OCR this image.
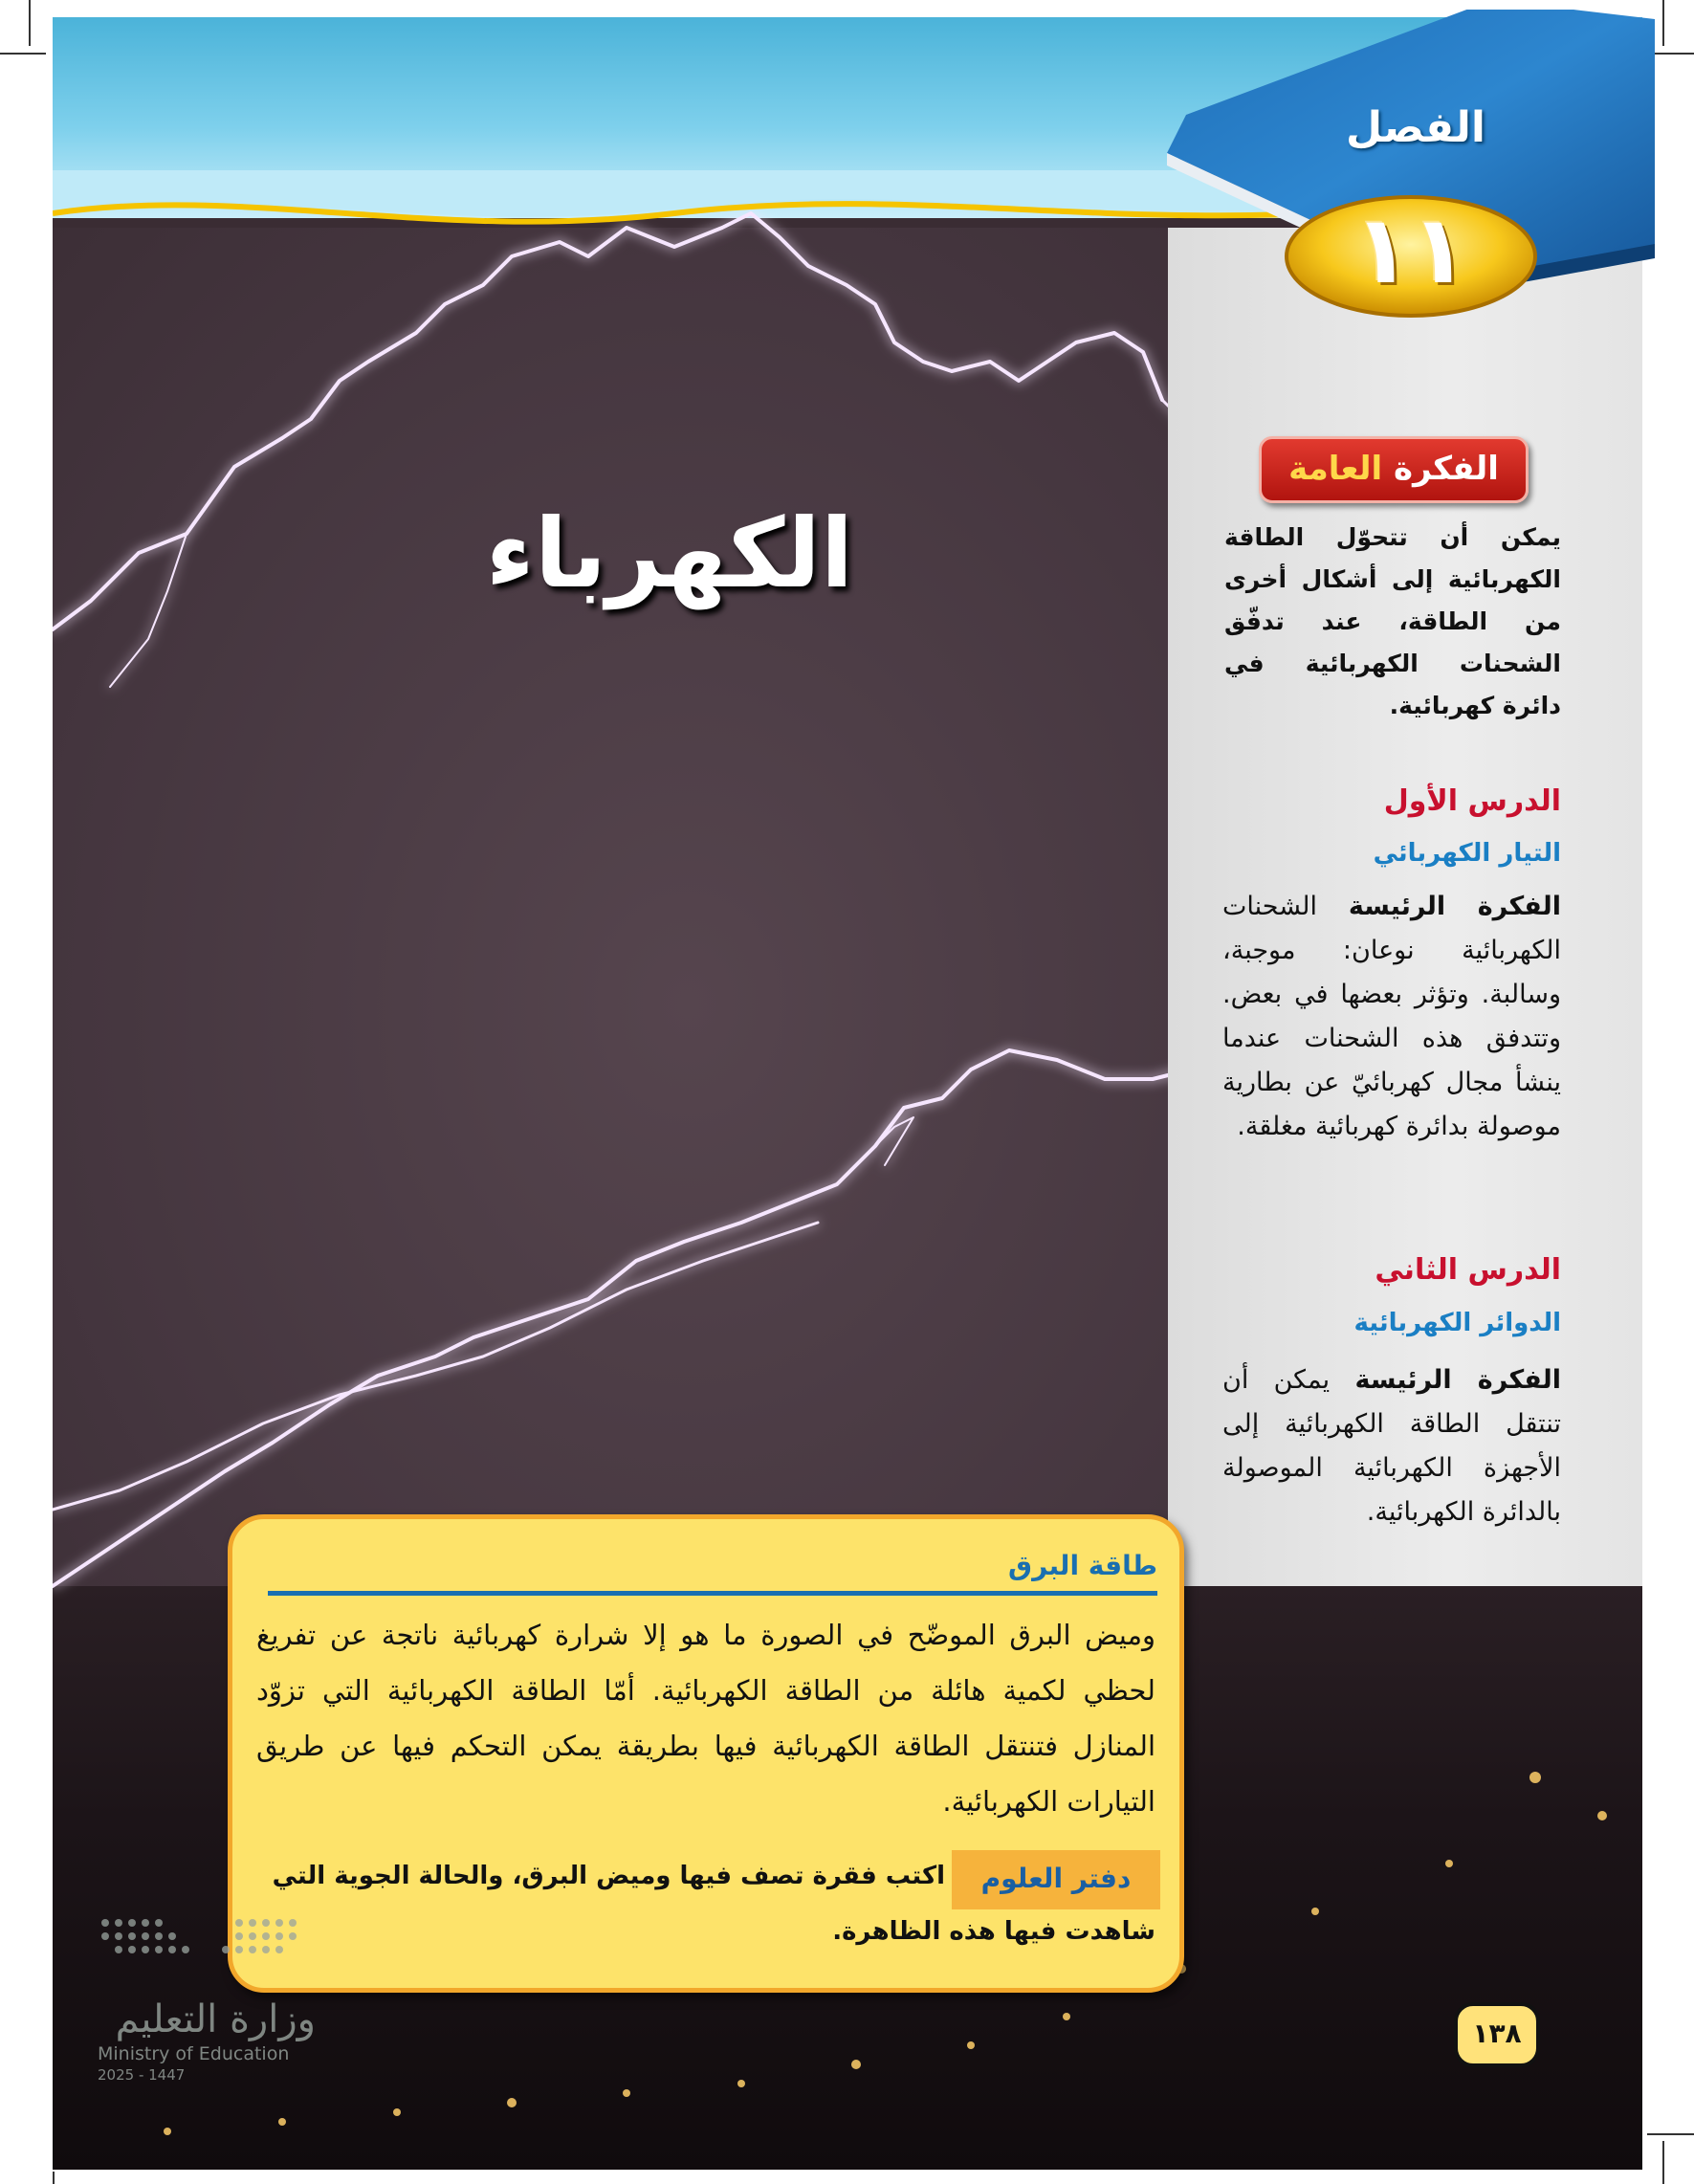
الفصل
١١
الكهرباء
الفكرة العامة
يمكن أن تتحوّل الطاقة الكهربائية إلى أشكال أخرى من الطاقة، عند تدفّق الشحنات الكهربائية في دائرة كهربائية.
الدرس الأول
التيار الكهربائي
الفكرة الرئيسة الشحنات الكهربائية نوعان: موجبة، وسالبة. وتؤثر بعضها في بعض. وتتدفق هذه الشحنات عندما ينشأ مجال كهربائيّ عن بطارية موصولة بدائرة كهربائية مغلقة.
الدرس الثاني
الدوائر الكهربائية
الفكرة الرئيسة يمكن أن تنتقل الطاقة الكهربائية إلى الأجهزة الكهربائية الموصولة بالدائرة الكهربائية.
طاقة البرق
وميض البرق الموضّح في الصورة ما هو إلا شرارة كهربائية ناتجة عن تفريغ لحظي لكمية هائلة من الطاقة الكهربائية. أمّا الطاقة الكهربائية التي تزوّد المنازل فتنتقل الطاقة الكهربائية فيها بطريقة يمكن التحكم فيها عن طريق التيارات الكهربائية.
دفتر العلوم
اكتب فقرة تصف فيها وميض البرق، والحالة الجوية التي
شاهدت فيها هذه الظاهرة.
١٣٨
وزارة التعليم
Ministry of Education
2025 - 1447
